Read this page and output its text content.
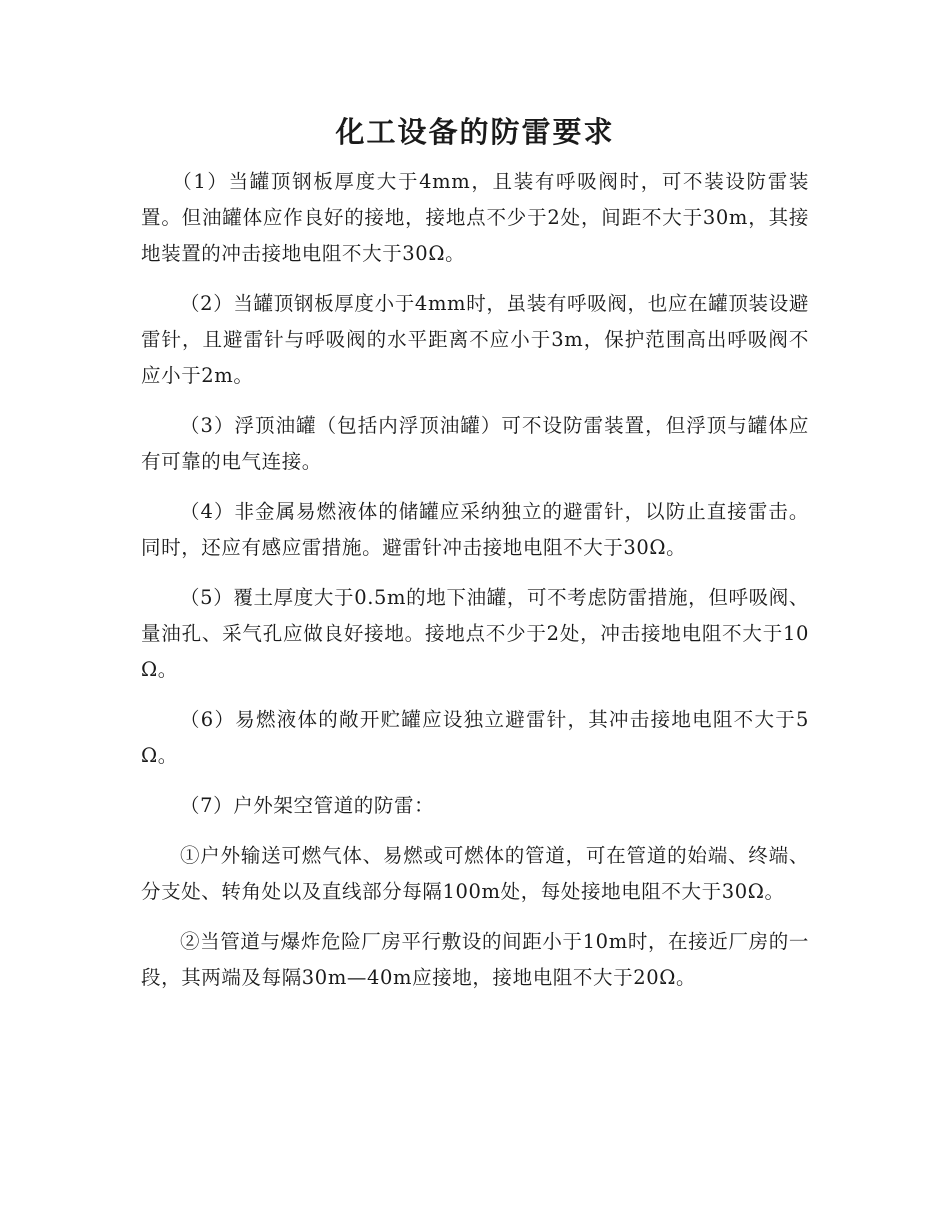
化工设备的防雷要求

（1）当罐顶钢板厚度大于4mm，且装有呼吸阀时，可不装设防雷装置。但油罐体应作良好的接地，接地点不少于2处，间距不大于30m，其接地装置的冲击接地电阻不大于30Ω。

（2）当罐顶钢板厚度小于4mm时，虽装有呼吸阀，也应在罐顶装设避雷针，且避雷针与呼吸阀的水平距离不应小于3m，保护范围高出呼吸阀不应小于2m。

（3）浮顶油罐（包括内浮顶油罐）可不设防雷装置，但浮顶与罐体应有可靠的电气连接。

（4）非金属易燃液体的储罐应采纳独立的避雷针，以防止直接雷击。同时，还应有感应雷措施。避雷针冲击接地电阻不大于30Ω。

（5）覆土厚度大于0.5m的地下油罐，可不考虑防雷措施，但呼吸阀、量油孔、采气孔应做良好接地。接地点不少于2处，冲击接地电阻不大于10Ω。

（6）易燃液体的敞开贮罐应设独立避雷针，其冲击接地电阻不大于5Ω。

（7）户外架空管道的防雷：

①户外输送可燃气体、易燃或可燃体的管道，可在管道的始端、终端、分支处、转角处以及直线部分每隔100m处，每处接地电阻不大于30Ω。

②当管道与爆炸危险厂房平行敷设的间距小于10m时，在接近厂房的一段，其两端及每隔30m—40m应接地，接地电阻不大于20Ω。
